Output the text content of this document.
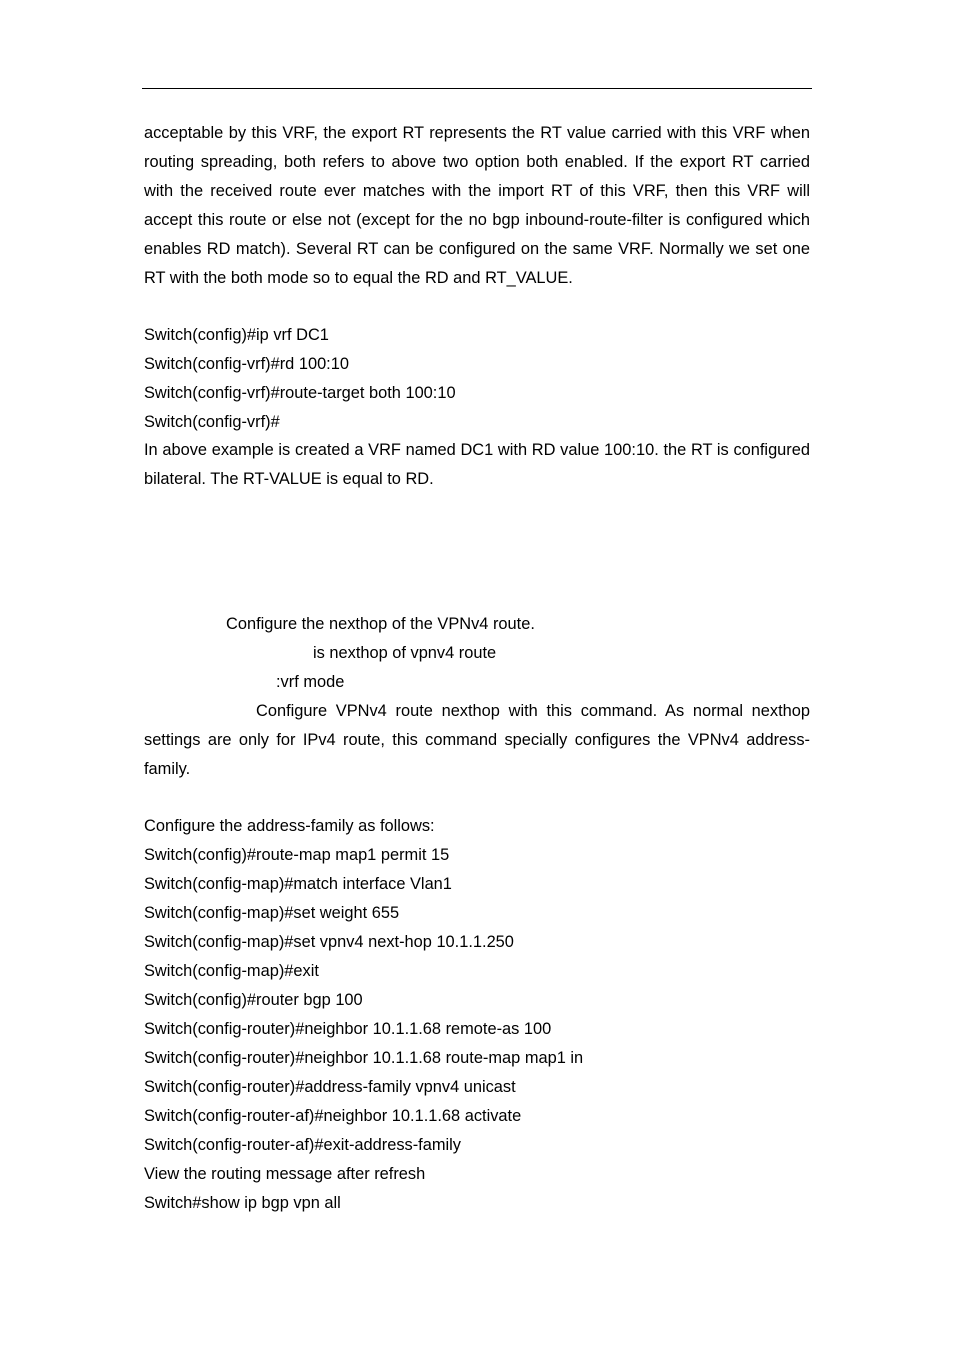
acceptable by this VRF, the export RT represents the RT value carried with this VRF when routing spreading, both refers to above two option both enabled. If the export RT carried with the received route ever matches with the import RT of this VRF, then this VRF will accept this route or else not (except for the no bgp inbound-route-filter is configured which enables RD match). Several RT can be configured on the same VRF. Normally we set one RT with the both mode so to equal the RD and RT_VALUE.
Switch(config)#ip vrf DC1
Switch(config-vrf)#rd 100:10
Switch(config-vrf)#route-target both 100:10
Switch(config-vrf)#
In above example is created a VRF named DC1 with RD value 100:10. the RT is configured bilateral. The RT-VALUE is equal to RD.
Configure the nexthop of the VPNv4 route.
is nexthop of vpnv4 route
:vrf mode
Configure VPNv4 route nexthop with this command. As normal nexthop settings are only for IPv4 route, this command specially configures the VPNv4 address-family.
Configure the address-family as follows:
Switch(config)#route-map map1 permit 15
Switch(config-map)#match interface Vlan1
Switch(config-map)#set weight 655
Switch(config-map)#set vpnv4 next-hop 10.1.1.250
Switch(config-map)#exit
Switch(config)#router bgp 100
Switch(config-router)#neighbor 10.1.1.68 remote-as 100
Switch(config-router)#neighbor 10.1.1.68 route-map map1 in
Switch(config-router)#address-family vpnv4 unicast
Switch(config-router-af)#neighbor 10.1.1.68 activate
Switch(config-router-af)#exit-address-family
View the routing message after refresh
Switch#show ip bgp vpn all
